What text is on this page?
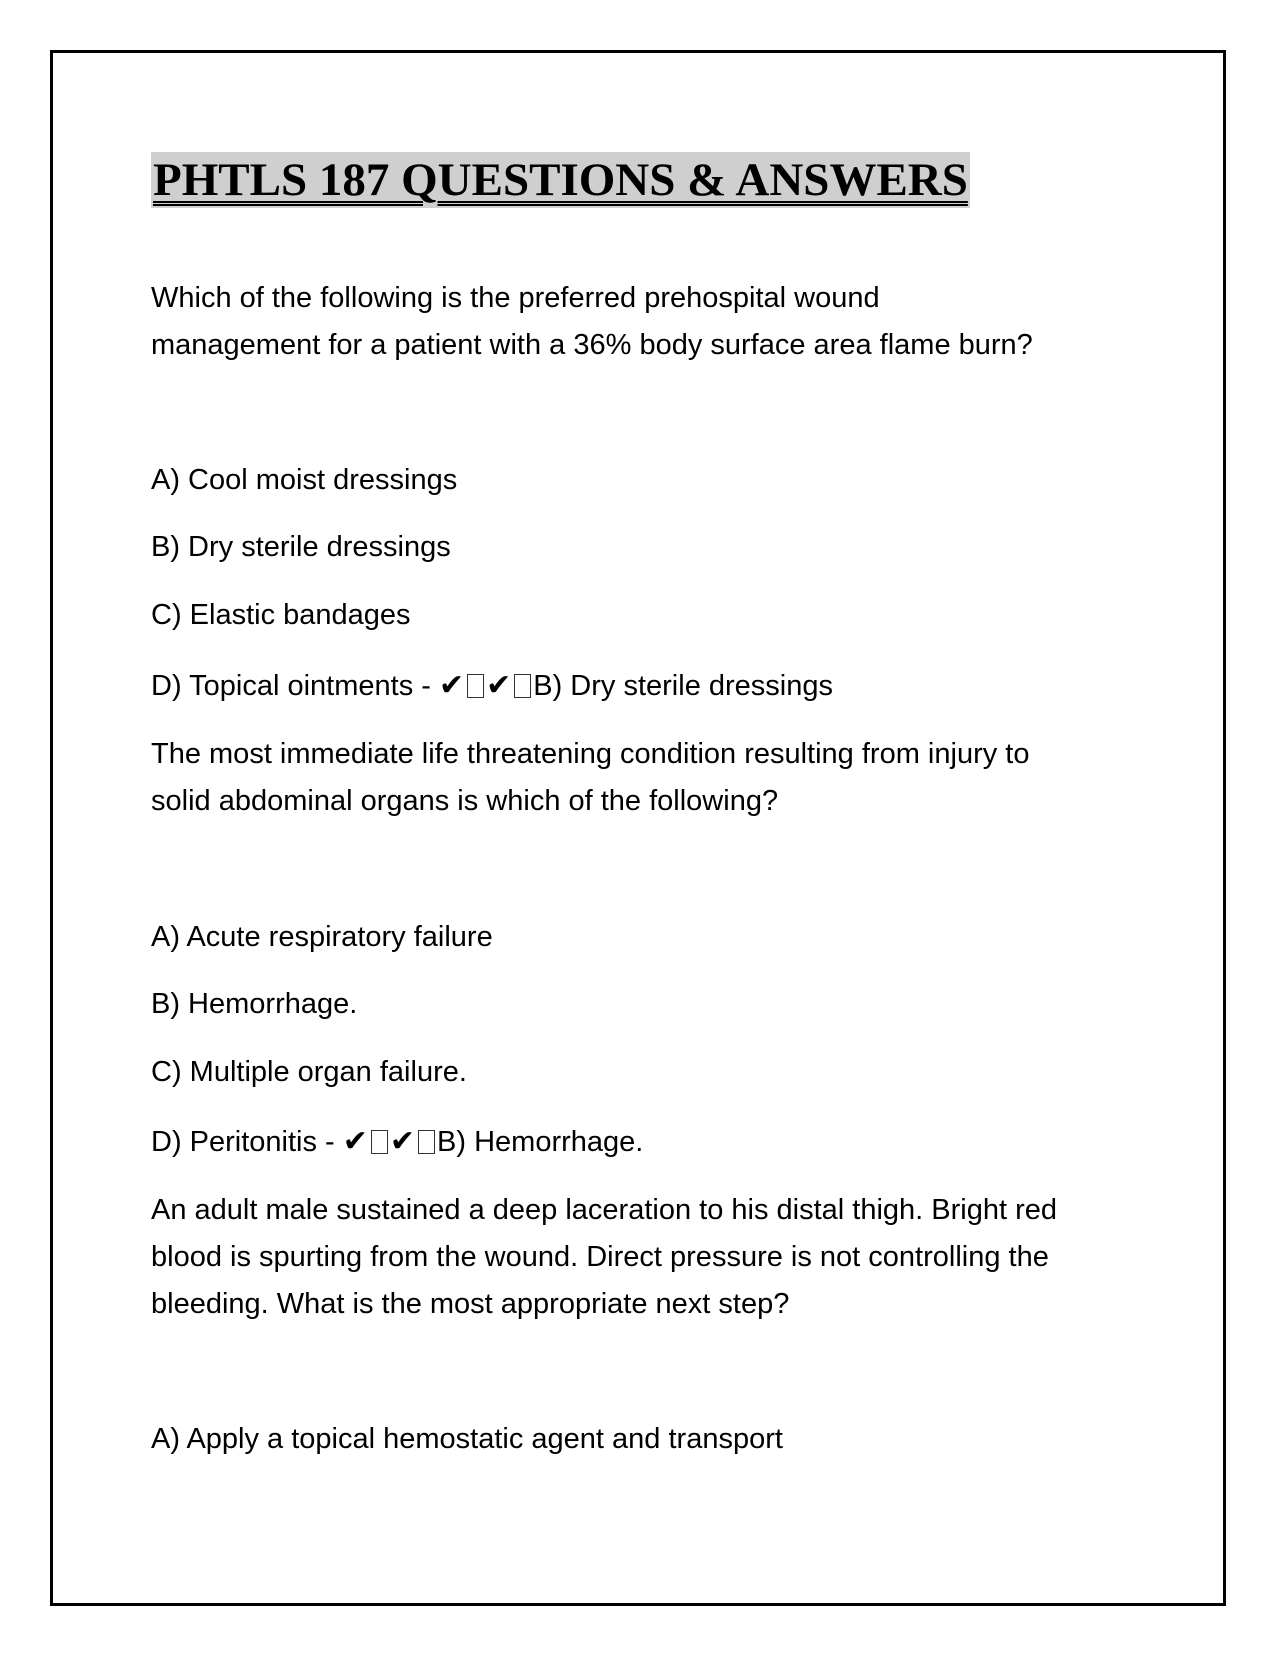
PHTLS 187 QUESTIONS & ANSWERS
Which of the following is the preferred prehospital wound
management for a patient with a 36% body surface area flame burn?
A) Cool moist dressings
B) Dry sterile dressings
C) Elastic bandages
D) Topical ointments - ✔ ✔ B) Dry sterile dressings
The most immediate life threatening condition resulting from injury to
solid abdominal organs is which of the following?
A) Acute respiratory failure
B) Hemorrhage.
C) Multiple organ failure.
D) Peritonitis - ✔ ✔ B) Hemorrhage.
An adult male sustained a deep laceration to his distal thigh. Bright red
blood is spurting from the wound. Direct pressure is not controlling the
bleeding. What is the most appropriate next step?
A) Apply a topical hemostatic agent and transport
